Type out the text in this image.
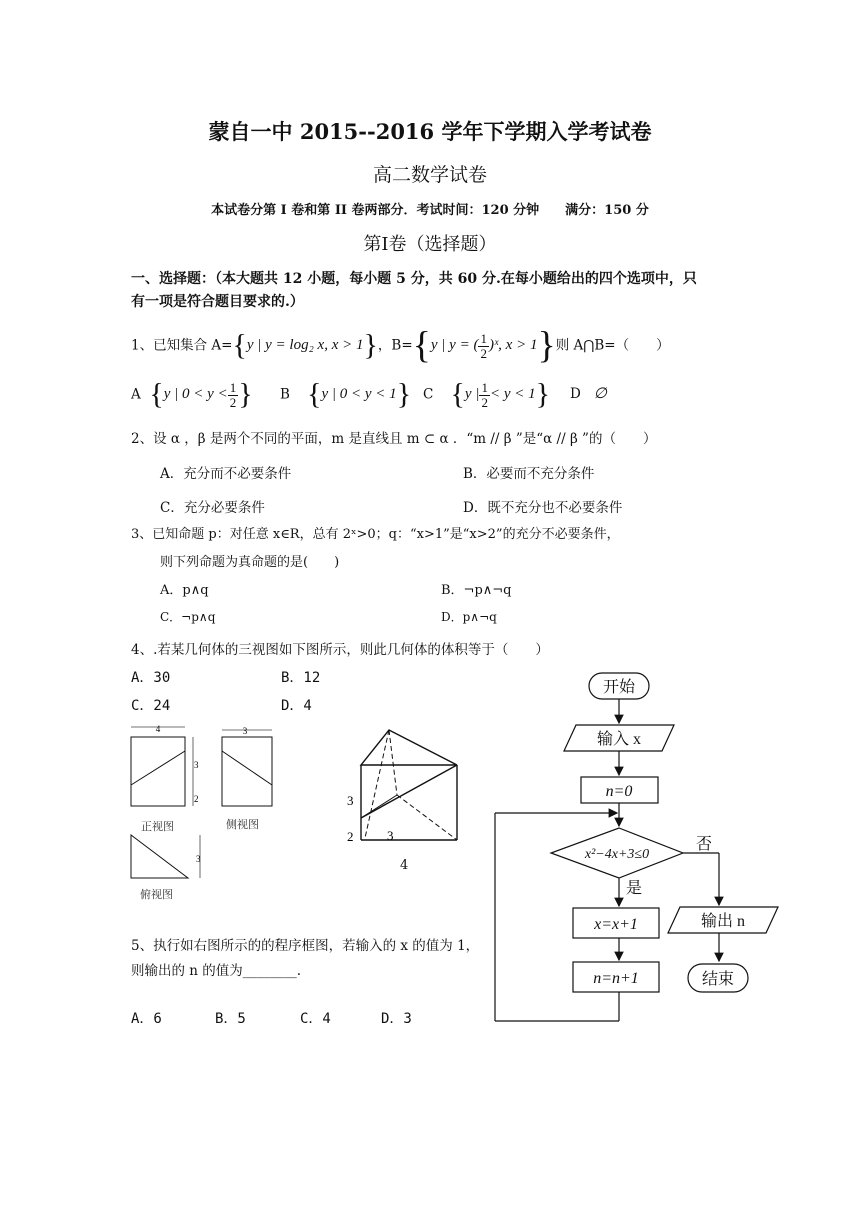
蒙自一中 2015--2016 学年下学期入学考试卷
高二数学试卷
本试卷分第 I 卷和第 II 卷两部分．考试时间：120 分钟　　满分：150 分
第Ⅰ卷（选择题）
一、选择题：（本大题共 12 小题，每小题 5 分，共 60 分.在每小题给出的四个选项中，只
有一项是符合题目要求的.）
1、已知集合 A={y | y = log₂ x, x > 1}，B={y | y = ( $\frac{1}{2}$ )ˣ, x > 1}则 A⋂B=（　　）
A {y | $0 < y < \frac{1}{2}$ } B {y | 0 < y < 1} C {y | $\frac{1}{2} < y < 1$} D ∅
2、设 α ，β 是两个不同的平面，m 是直线且 m ⊂ α ．“m // β ”是“α // β ”的（　　）
A．充分而不必要条件	B．必要而不充分条件
C．充分必要条件	D．既不充分也不必要条件
3、已知命题 p：对任意 x∈R，总有 2ˣ>0；q：“x>1”是“x>2”的充分不必要条件，
则下列命题为真命题的是(　　)
A．p∧q	B．¬p∧¬q
C．¬p∧q	D．p∧¬q
4、.若某几何体的三视图如下图所示，则此几何体的体积等于（　　）
A．30	B．12
C．24	D．4
4
3
2
正视图
3
侧视图
3
俯视图
3
2	3
4
5、执行如右图所示的的程序框图，若输入的 x 的值为 1，
则输出的 n 的值为________.
A．6	B．5	C．4	D．3
开始
输入 x
n=0
x²−4x+3≤0
否
是
x=x+1	输出 n
n=n+1	结束
